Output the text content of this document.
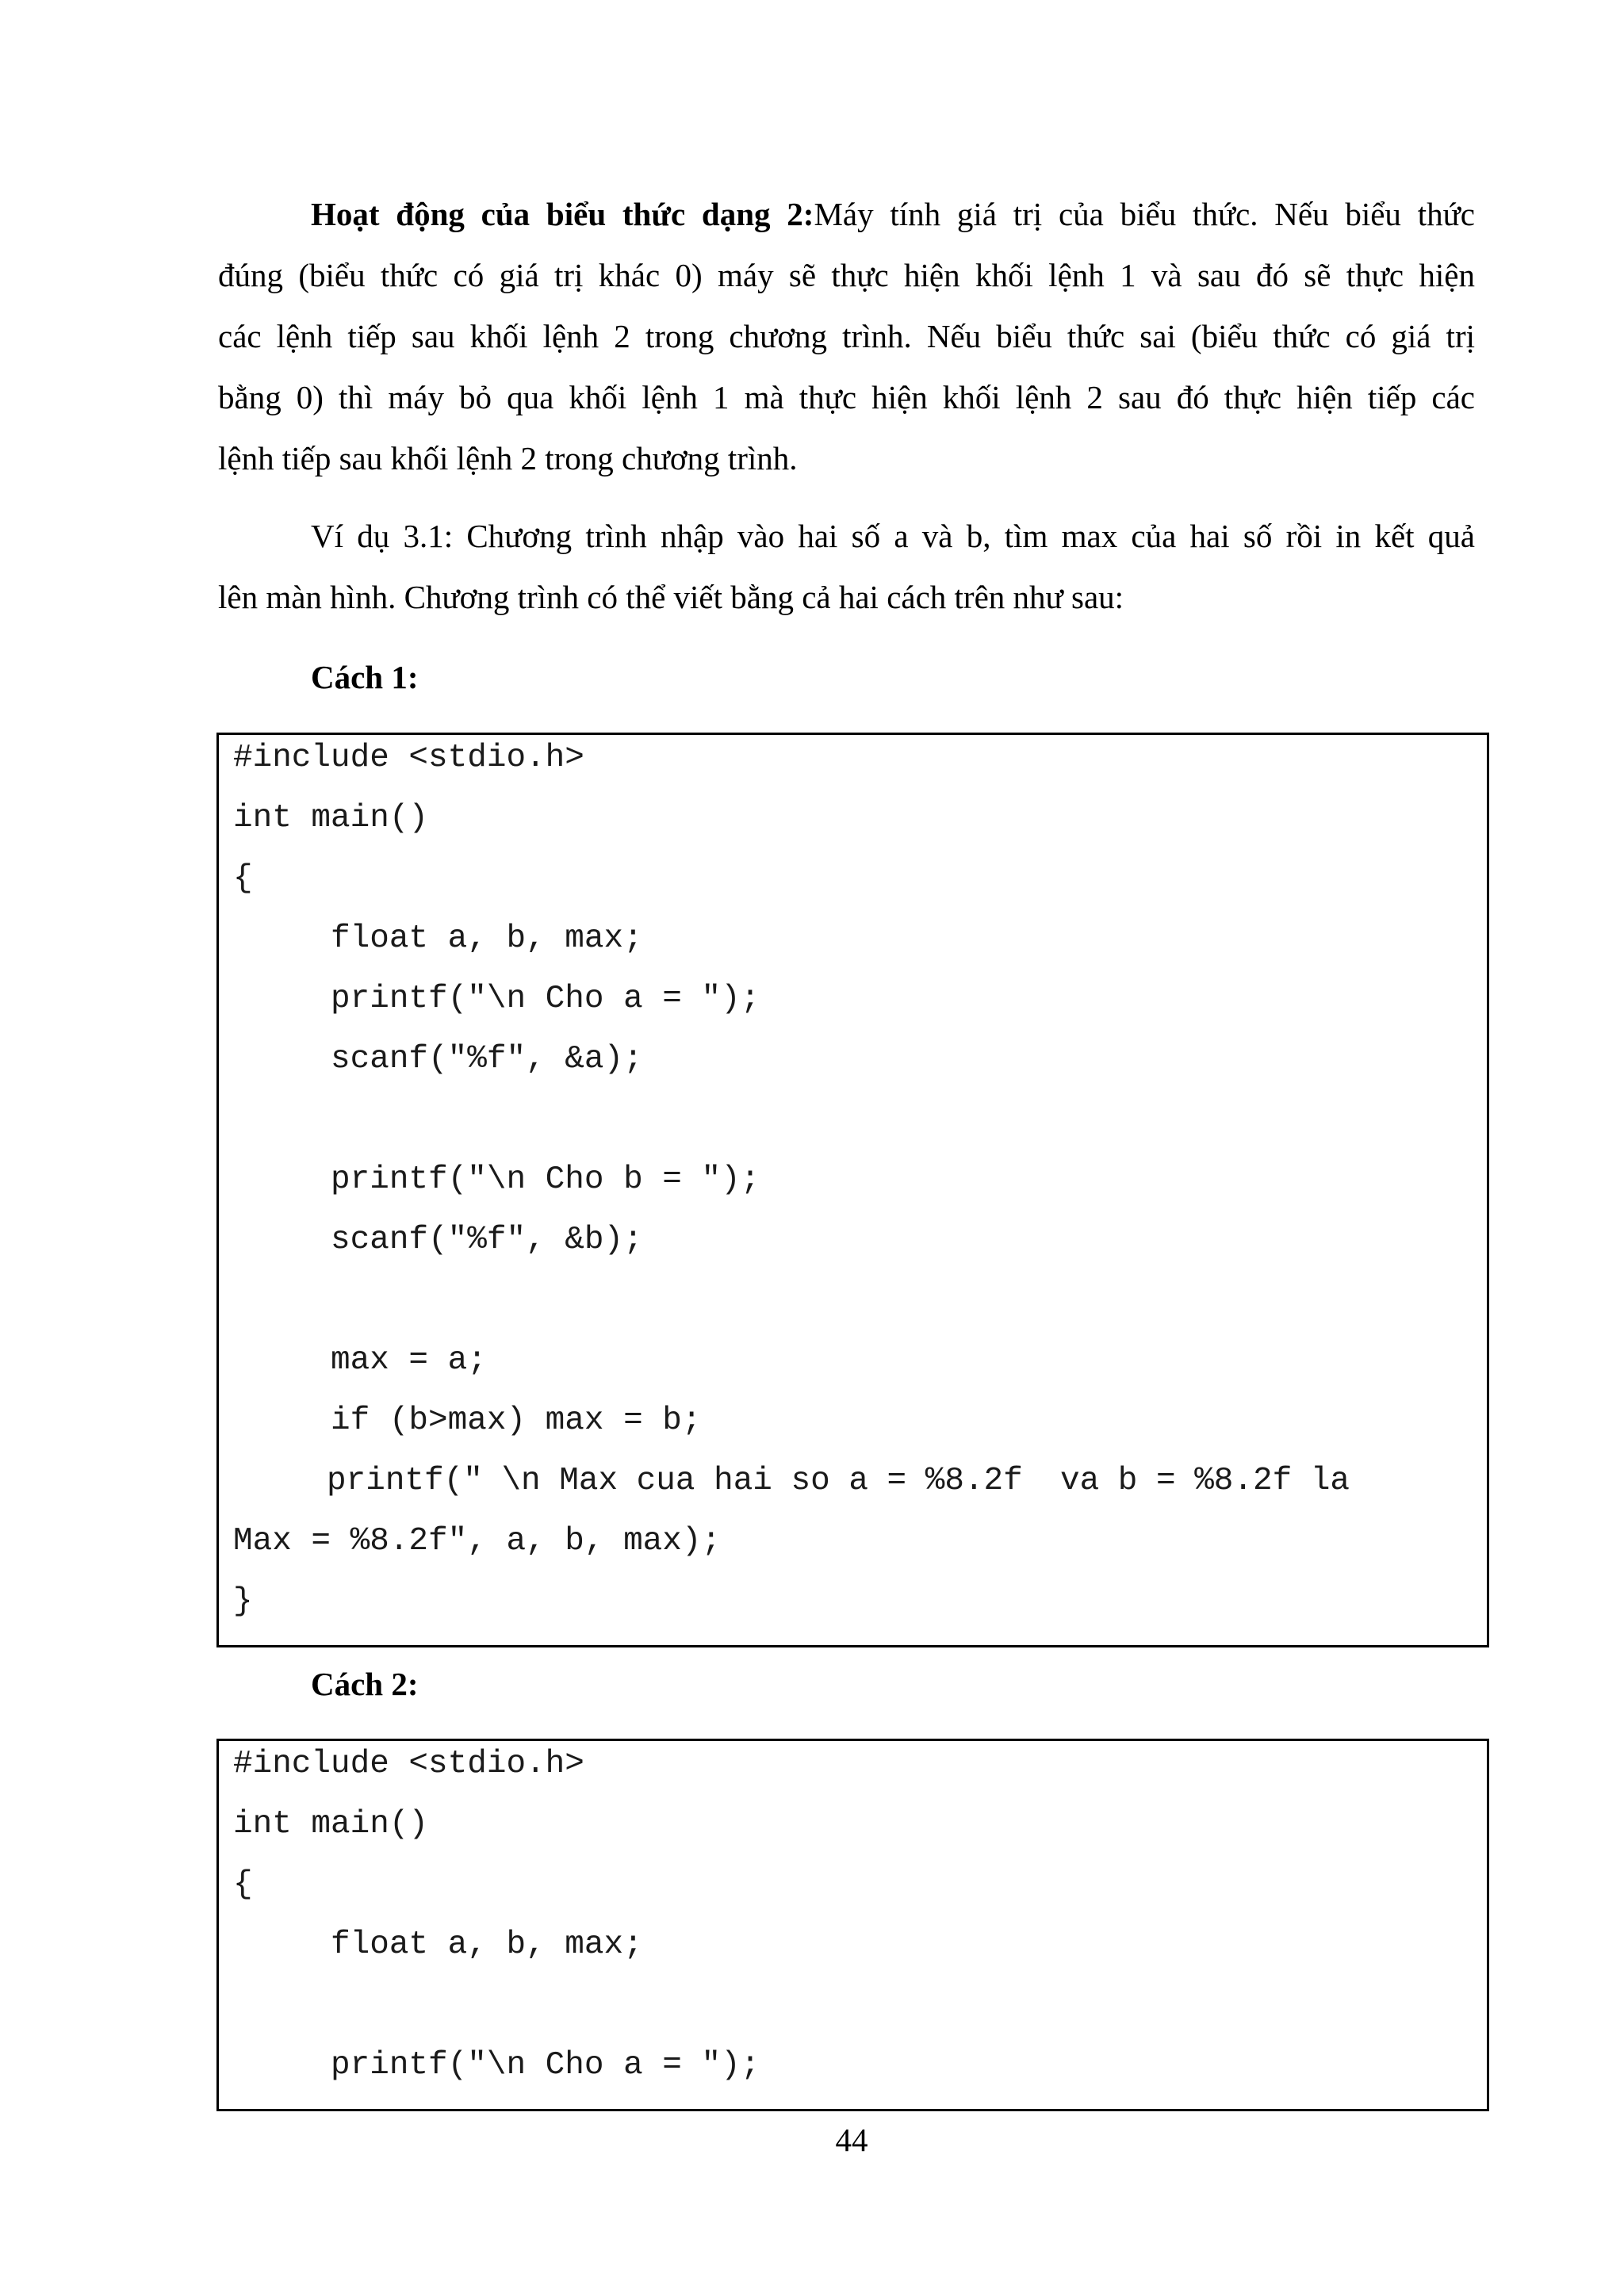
Hoạt động của biểu thức dạng 2:Máy tính giá trị của biểu thức. Nếu biểu thức
đúng (biểu thức có giá trị khác 0) máy sẽ thực hiện khối lệnh 1 và sau đó sẽ thực hiện
các lệnh tiếp sau khối lệnh 2 trong chương trình. Nếu biểu thức sai (biểu thức có giá trị
bằng 0) thì máy bỏ qua khối lệnh 1 mà thực hiện khối lệnh 2 sau đó thực hiện tiếp các
lệnh tiếp sau khối lệnh 2 trong chương trình.
Ví dụ 3.1: Chương trình nhập vào hai số a và b, tìm max của hai số rồi in kết quả
lên màn hình. Chương trình có thể viết bằng cả hai cách trên như sau:
Cách 1:
#include <stdio.h>
int main()
{
float a, b, max;
printf("\n Cho a = ");
scanf("%f", &a);
printf("\n Cho b = ");
scanf("%f", &b);
max = a;
if (b>max) max = b;
printf(" \n Max cua hai so a = %8.2f  va b = %8.2f la
Max = %8.2f", a, b, max);
}
Cách 2:
#include <stdio.h>
int main()
{
float a, b, max;
printf("\n Cho a = ");
44
